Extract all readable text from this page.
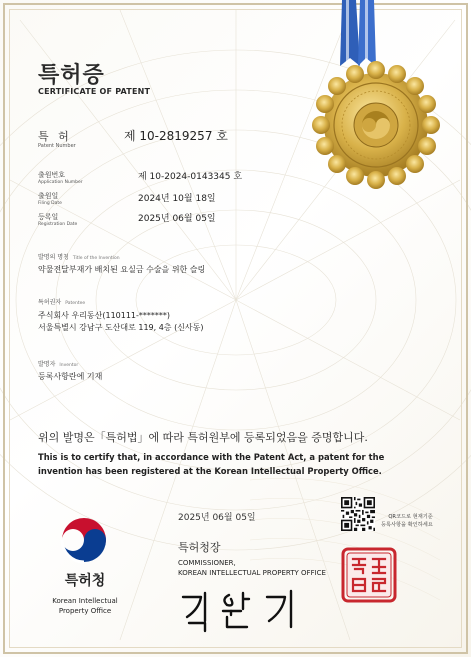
특허증
CERTIFICATE OF PATENT
특 허
Patent Number
제 10-2819257 호
출원번호
Application Number
제 10-2024-0143345 호
출원일
Filing Date	2024년 10월 18일
등록일
Registration Date
2025년 06월 05일
발명의 명칭 Title of the Invention
약물전달부재가 배치된 요실금 수술을 위한 슬링
특허권자 Patentee
주식회사 우리동산(110111-*******)
서울특별시 강남구 도산대로 119, 4층 (신사동)
발명자 Inventor
등록사항란에 기재
위의 발명은「특허법」에 따라 특허원부에 등록되었음을 증명합니다.
This is to certify that, in accordance with the Patent Act, a patent for the
invention has been registered at the Korean Intellectual Property Office.
특허청
Korean Intellectual
Property Office
2025년 06월 05일
특허청장
COMMISSIONER,
KOREAN INTELLECTUAL PROPERTY OFFICE
QR코드로 현재기준
등록사항을 확인하세요
